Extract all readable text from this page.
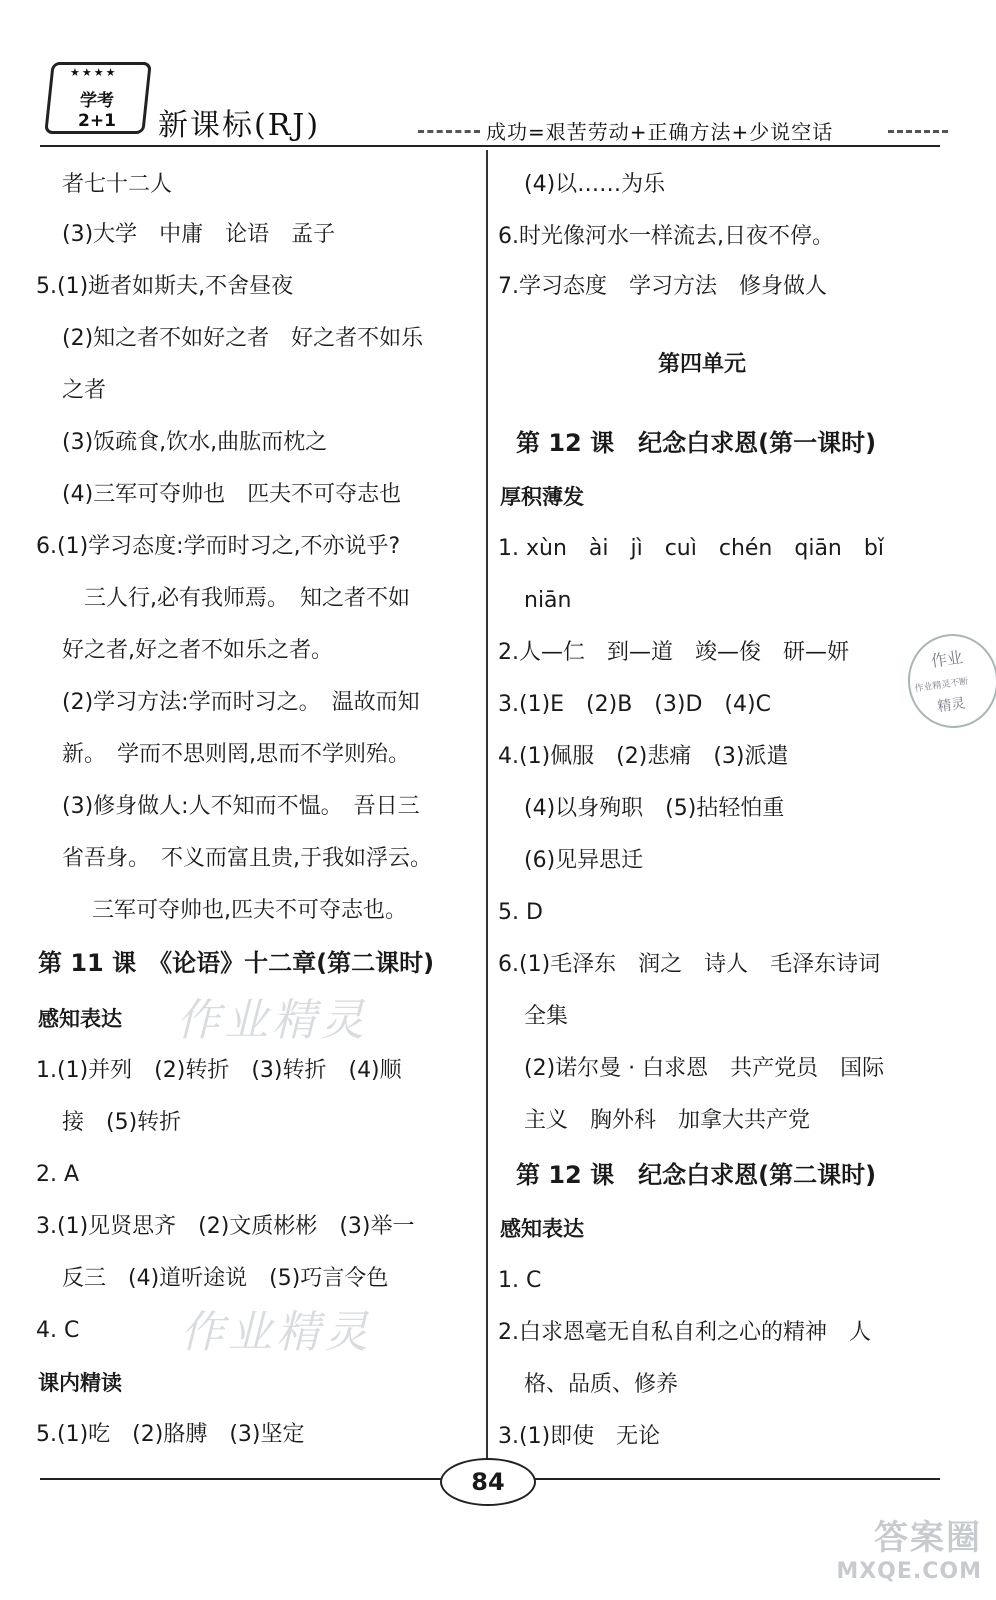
★★★★
学考2+1	新课标(RJ)	成功=艰苦劳动+正确方法+少说空话
者七十二人
(3)大学　中庸　论语　孟子
5.(1)逝者如斯夫,不舍昼夜
(2)知之者不如好之者　好之者不如乐
之者
(3)饭疏食,饮水,曲肱而枕之
(4)三军可夺帅也　匹夫不可夺志也
6.(1)学习态度:学而时习之,不亦说乎?
三人行,必有我师焉。　知之者不如
好之者,好之者不如乐之者。
(2)学习方法:学而时习之。　温故而知
新。　学而不思则罔,思而不学则殆。
(3)修身做人:人不知而不愠。　吾日三
省吾身。　不义而富且贵,于我如浮云。
三军可夺帅也,匹夫不可夺志也。
第 11 课　《论语》十二章(第二课时)
感知表达
1.(1)并列　(2)转折　(3)转折　(4)顺
接　(5)转折
2. A
3.(1)见贤思齐　(2)文质彬彬　(3)举一
反三　(4)道听途说　(5)巧言令色
4. C
课内精读
5.(1)吃　(2)胳膊　(3)坚定
(4)以……为乐
6.时光像河水一样流去,日夜不停。
7.学习态度　学习方法　修身做人
第四单元
第 12 课　纪念白求恩(第一课时)
厚积薄发
1. xùn　ài　jì　cuì　chén　qiān　bǐ
niān
2.人—仁　到—道　竣—俊　研—妍
3.(1)E　(2)B　(3)D　(4)C
4.(1)佩服　(2)悲痛　(3)派遣
(4)以身殉职　(5)拈轻怕重
(6)见异思迁
5. D
6.(1)毛泽东　润之　诗人　毛泽东诗词
全集
(2)诺尔曼 · 白求恩　共产党员　国际
主义　胸外科　加拿大共产党
第 12 课　纪念白求恩(第二课时)
感知表达
1. C
2.白求恩毫无自私自利之心的精神　人
格、品质、修养
3.(1)即使　无论
作业精灵
作业精灵
作业
作业精灵不断
精灵
84
答案圈
MXQE.COM
